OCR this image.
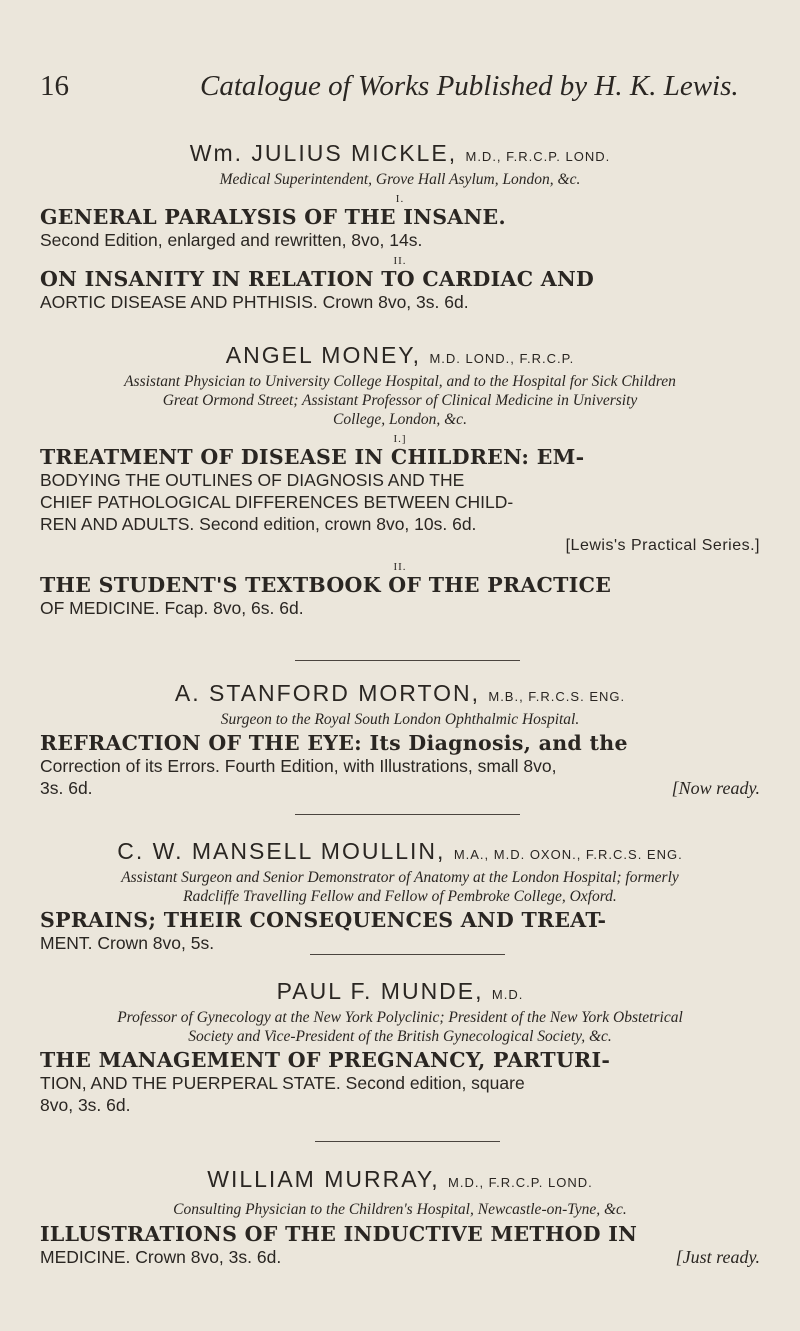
16	Catalogue of Works Published by H. K. Lewis.
Wm. JULIUS MICKLE, M.D., F.R.C.P. LOND.
Medical Superintendent, Grove Hall Asylum, London, &c.
I.
GENERAL PARALYSIS OF THE INSANE.
Second Edition, enlarged and rewritten, 8vo, 14s.
II.
ON INSANITY IN RELATION TO CARDIAC AND
AORTIC DISEASE AND PHTHISIS. Crown 8vo, 3s. 6d.
ANGEL MONEY, M.D. LOND., F.R.C.P.
Assistant Physician to University College Hospital, and to the Hospital for Sick Children
Great Ormond Street; Assistant Professor of Clinical Medicine in University
College, London, &c.
I.]
TREATMENT OF DISEASE IN CHILDREN: EM-
BODYING THE OUTLINES OF DIAGNOSIS AND THE
CHIEF PATHOLOGICAL DIFFERENCES BETWEEN CHILD-
REN AND ADULTS. Second edition, crown 8vo, 10s. 6d.
[Lewis's Practical Series.]
II.
THE STUDENT'S TEXTBOOK OF THE PRACTICE
OF MEDICINE. Fcap. 8vo, 6s. 6d.
A. STANFORD MORTON, M.B., F.R.C.S. ENG.
Surgeon to the Royal South London Ophthalmic Hospital.
REFRACTION OF THE EYE: Its Diagnosis, and the
Correction of its Errors. Fourth Edition, with Illustrations, small 8vo,
3s. 6d.	[Now ready.
C. W. MANSELL MOULLIN, M.A., M.D. OXON., F.R.C.S. ENG.
Assistant Surgeon and Senior Demonstrator of Anatomy at the London Hospital; formerly
Radcliffe Travelling Fellow and Fellow of Pembroke College, Oxford.
SPRAINS; THEIR CONSEQUENCES AND TREAT-
MENT. Crown 8vo, 5s.
PAUL F. MUNDE, M.D.
Professor of Gynecology at the New York Polyclinic; President of the New York Obstetrical
Society and Vice-President of the British Gynecological Society, &c.
THE MANAGEMENT OF PREGNANCY, PARTURI-
TION, AND THE PUERPERAL STATE. Second edition, square
8vo, 3s. 6d.
WILLIAM MURRAY, M.D., F.R.C.P. LOND.
Consulting Physician to the Children's Hospital, Newcastle-on-Tyne, &c.
ILLUSTRATIONS OF THE INDUCTIVE METHOD IN
MEDICINE. Crown 8vo, 3s. 6d.	[Just ready.
